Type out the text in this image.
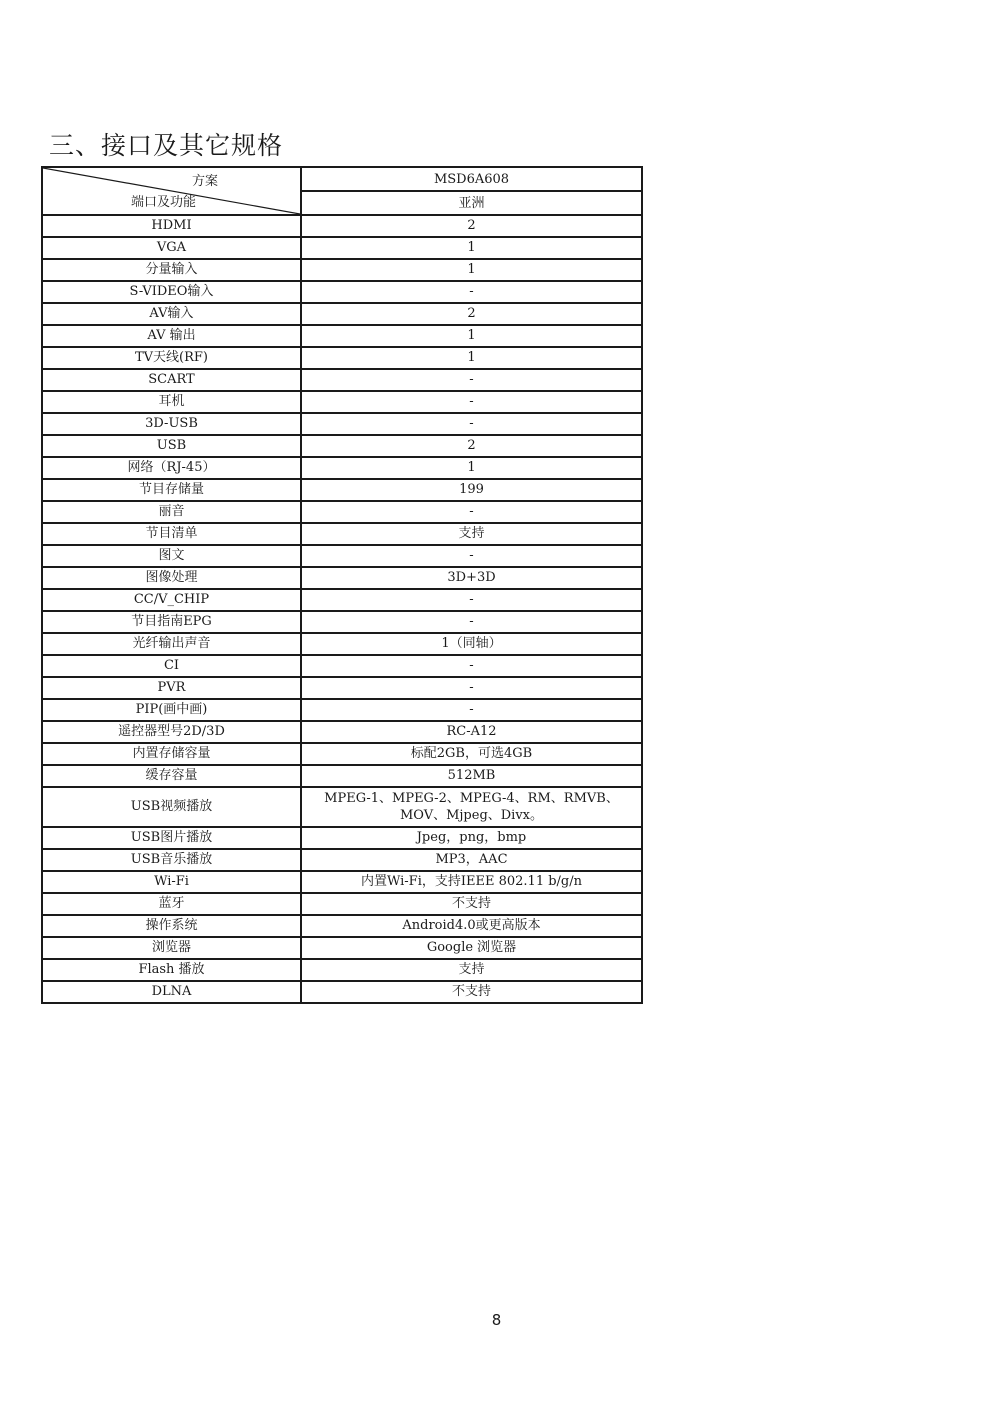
三、接口及其它规格
方案
端口及功能	MSD6A608
	亚洲
HDMI	2
VGA	1
分量输入	1
S-VIDEO输入	-
AV输入	2
AV 输出	1
TV天线(RF)	1
SCART	-
耳机	-
3D-USB	-
USB	2
网络（RJ-45）	1
节目存储量	199
丽音	-
节目清单	支持
图文	-
图像处理	3D+3D
CC/V_CHIP	-
节目指南EPG	-
光纤输出声音	1（同轴）
CI	-
PVR	-
PIP(画中画)	-
遥控器型号2D/3D	RC-A12
内置存储容量	标配2GB，可选4GB
缓存容量	512MB
USB视频播放	MPEG-1、MPEG-2、MPEG-4、RM、RMVB、MOV、Mjpeg、Divx。
USB图片播放	Jpeg，png，bmp
USB音乐播放	MP3，AAC
Wi-Fi	内置Wi-Fi，支持IEEE 802.11 b/g/n
蓝牙	不支持
操作系统	Android4.0或更高版本
浏览器	Google 浏览器
Flash 播放	支持
DLNA	不支持
8
